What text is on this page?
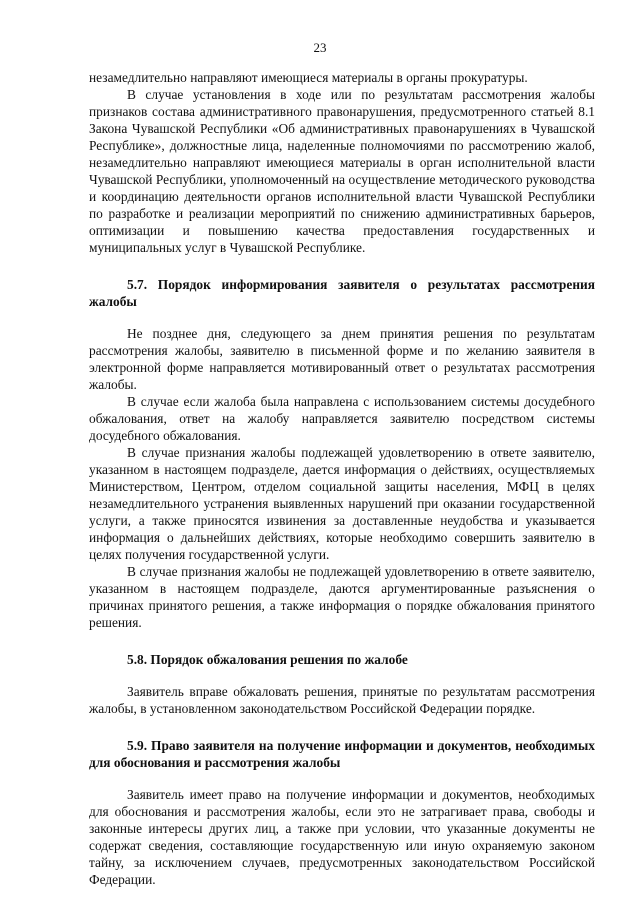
23

незамедлительно направляют имеющиеся материалы в органы прокуратуры.

В случае установления в ходе или по результатам рассмотрения жалобы признаков состава административного правонарушения, предусмотренного статьей 8.1 Закона Чувашской Республики «Об административных правонарушениях в Чувашской Республике», должностные лица, наделенные полномочиями по рассмотрению жалоб, незамедлительно направляют имеющиеся материалы в орган исполнительной власти Чувашской Республики, уполномоченный на осуществление методического руководства и координацию деятельности органов исполнительной власти Чувашской Республики по разработке и реализации мероприятий по снижению административных барьеров, оптимизации и повышению качества предоставления государственных и муниципальных услуг в Чувашской Республике.

5.7. Порядок информирования заявителя о результатах рассмотрения жалобы

Не позднее дня, следующего за днем принятия решения по результатам рассмотрения жалобы, заявителю в письменной форме и по желанию заявителя в электронной форме направляется мотивированный ответ о результатах рассмотрения жалобы.

В случае если жалоба была направлена с использованием системы досудебного обжалования, ответ на жалобу направляется заявителю посредством системы досудебного обжалования.

В случае признания жалобы подлежащей удовлетворению в ответе заявителю, указанном в настоящем подразделе, дается информация о действиях, осуществляемых Министерством, Центром, отделом социальной защиты населения, МФЦ в целях незамедлительного устранения выявленных нарушений при оказании государственной услуги, а также приносятся извинения за доставленные неудобства и указывается информация о дальнейших действиях, которые необходимо совершить заявителю в целях получения государственной услуги.

В случае признания жалобы не подлежащей удовлетворению в ответе заявителю, указанном в настоящем подразделе, даются аргументированные разъяснения о причинах принятого решения, а также информация о порядке обжалования принятого решения.

5.8. Порядок обжалования решения по жалобе

Заявитель вправе обжаловать решения, принятые по результатам рассмотрения жалобы, в установленном законодательством Российской Федерации порядке.

5.9. Право заявителя на получение информации и документов, необходимых для обоснования и рассмотрения жалобы

Заявитель имеет право на получение информации и документов, необходимых для обоснования и рассмотрения жалобы, если это не затрагивает права, свободы и законные интересы других лиц, а также при условии, что указанные документы не содержат сведения, составляющие государственную или иную охраняемую законом тайну, за исключением случаев, предусмотренных законодательством Российской Федерации.
